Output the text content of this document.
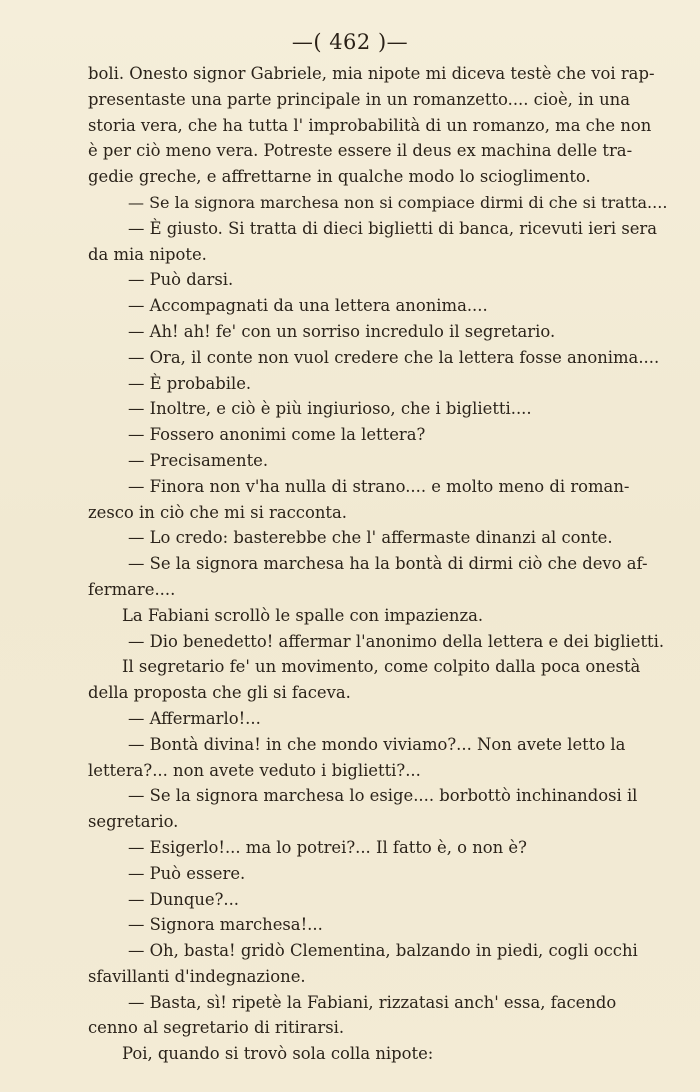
—( 462 )—

boli. Onesto signor Gabriele, mia nipote mi diceva testè che voi rap-

presentaste una parte principale in un romanzetto.... cioè, in una

storia vera, che ha tutta l' improbabilità di un romanzo, ma che non

è per ciò meno vera. Potreste essere il deus ex machina delle tra-

gedie greche, e affrettarne in qualche modo lo scioglimento.

— Se la signora marchesa non si compiace dirmi di che si tratta....

— È giusto. Si tratta di dieci biglietti di banca, ricevuti ieri sera

da mia nipote.

— Può darsi.

— Accompagnati da una lettera anonima....

— Ah! ah! fe' con un sorriso incredulo il segretario.

— Ora, il conte non vuol credere che la lettera fosse anonima....

— È probabile.

— Inoltre, e ciò è più ingiurioso, che i biglietti....

— Fossero anonimi come la lettera?

— Precisamente.

— Finora non v'ha nulla di strano.... e molto meno di roman-

zesco in ciò che mi si racconta.

— Lo credo: basterebbe che l' affermaste dinanzi al conte.

— Se la signora marchesa ha la bontà di dirmi ciò che devo af-

fermare....

La Fabiani scrollò le spalle con impazienza.

— Dio benedetto! affermar l'anonimo della lettera e dei biglietti.

Il segretario fe' un movimento, come colpito dalla poca onestà

della proposta che gli si faceva.

— Affermarlo!...

— Bontà divina! in che mondo viviamo?... Non avete letto la

lettera?... non avete veduto i biglietti?...

— Se la signora marchesa lo esige.... borbottò inchinandosi il

segretario.

— Esigerlo!... ma lo potrei?... Il fatto è, o non è?

— Può essere.

— Dunque?...

— Signora marchesa!...

— Oh, basta! gridò Clementina, balzando in piedi, cogli occhi

sfavillanti d'indegnazione.

— Basta, sì! ripetè la Fabiani, rizzatasi anch' essa, facendo

cenno al segretario di ritirarsi.

Poi, quando si trovò sola colla nipote:
